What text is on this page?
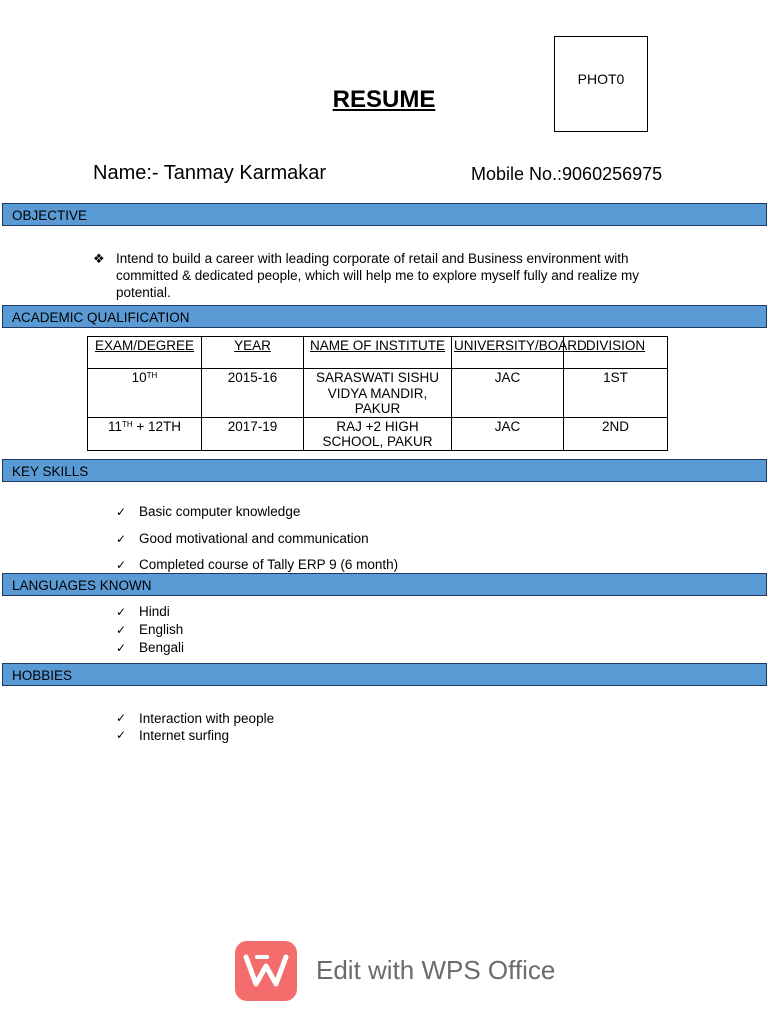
PHOT0
RESUME
Name:- Tanmay Karmakar	Mobile No.:9060256975
OBJECTIVE
❖ Intend to build a career with leading corporate of retail and Business environment with committed & dedicated people, which will help me to explore myself fully and realize my potential.
ACADEMIC QUALIFICATION
EXAM/DEGREE	YEAR	NAME OF INSTITUTE	UNIVERSITY/BOARD	DIVISION
10TH	2015-16	SARASWATI SISHU VIDYA MANDIR, PAKUR	JAC	1ST
11TH + 12TH	2017-19	RAJ +2 HIGH SCHOOL, PAKUR	JAC	2ND
KEY SKILLS
✓ Basic computer knowledge
✓ Good motivational and communication
✓ Completed course of Tally ERP 9 (6 month)
LANGUAGES KNOWN
✓ Hindi
✓ English
✓ Bengali
HOBBIES
✓ Interaction with people
✓ Internet surfing
Edit with WPS Office
